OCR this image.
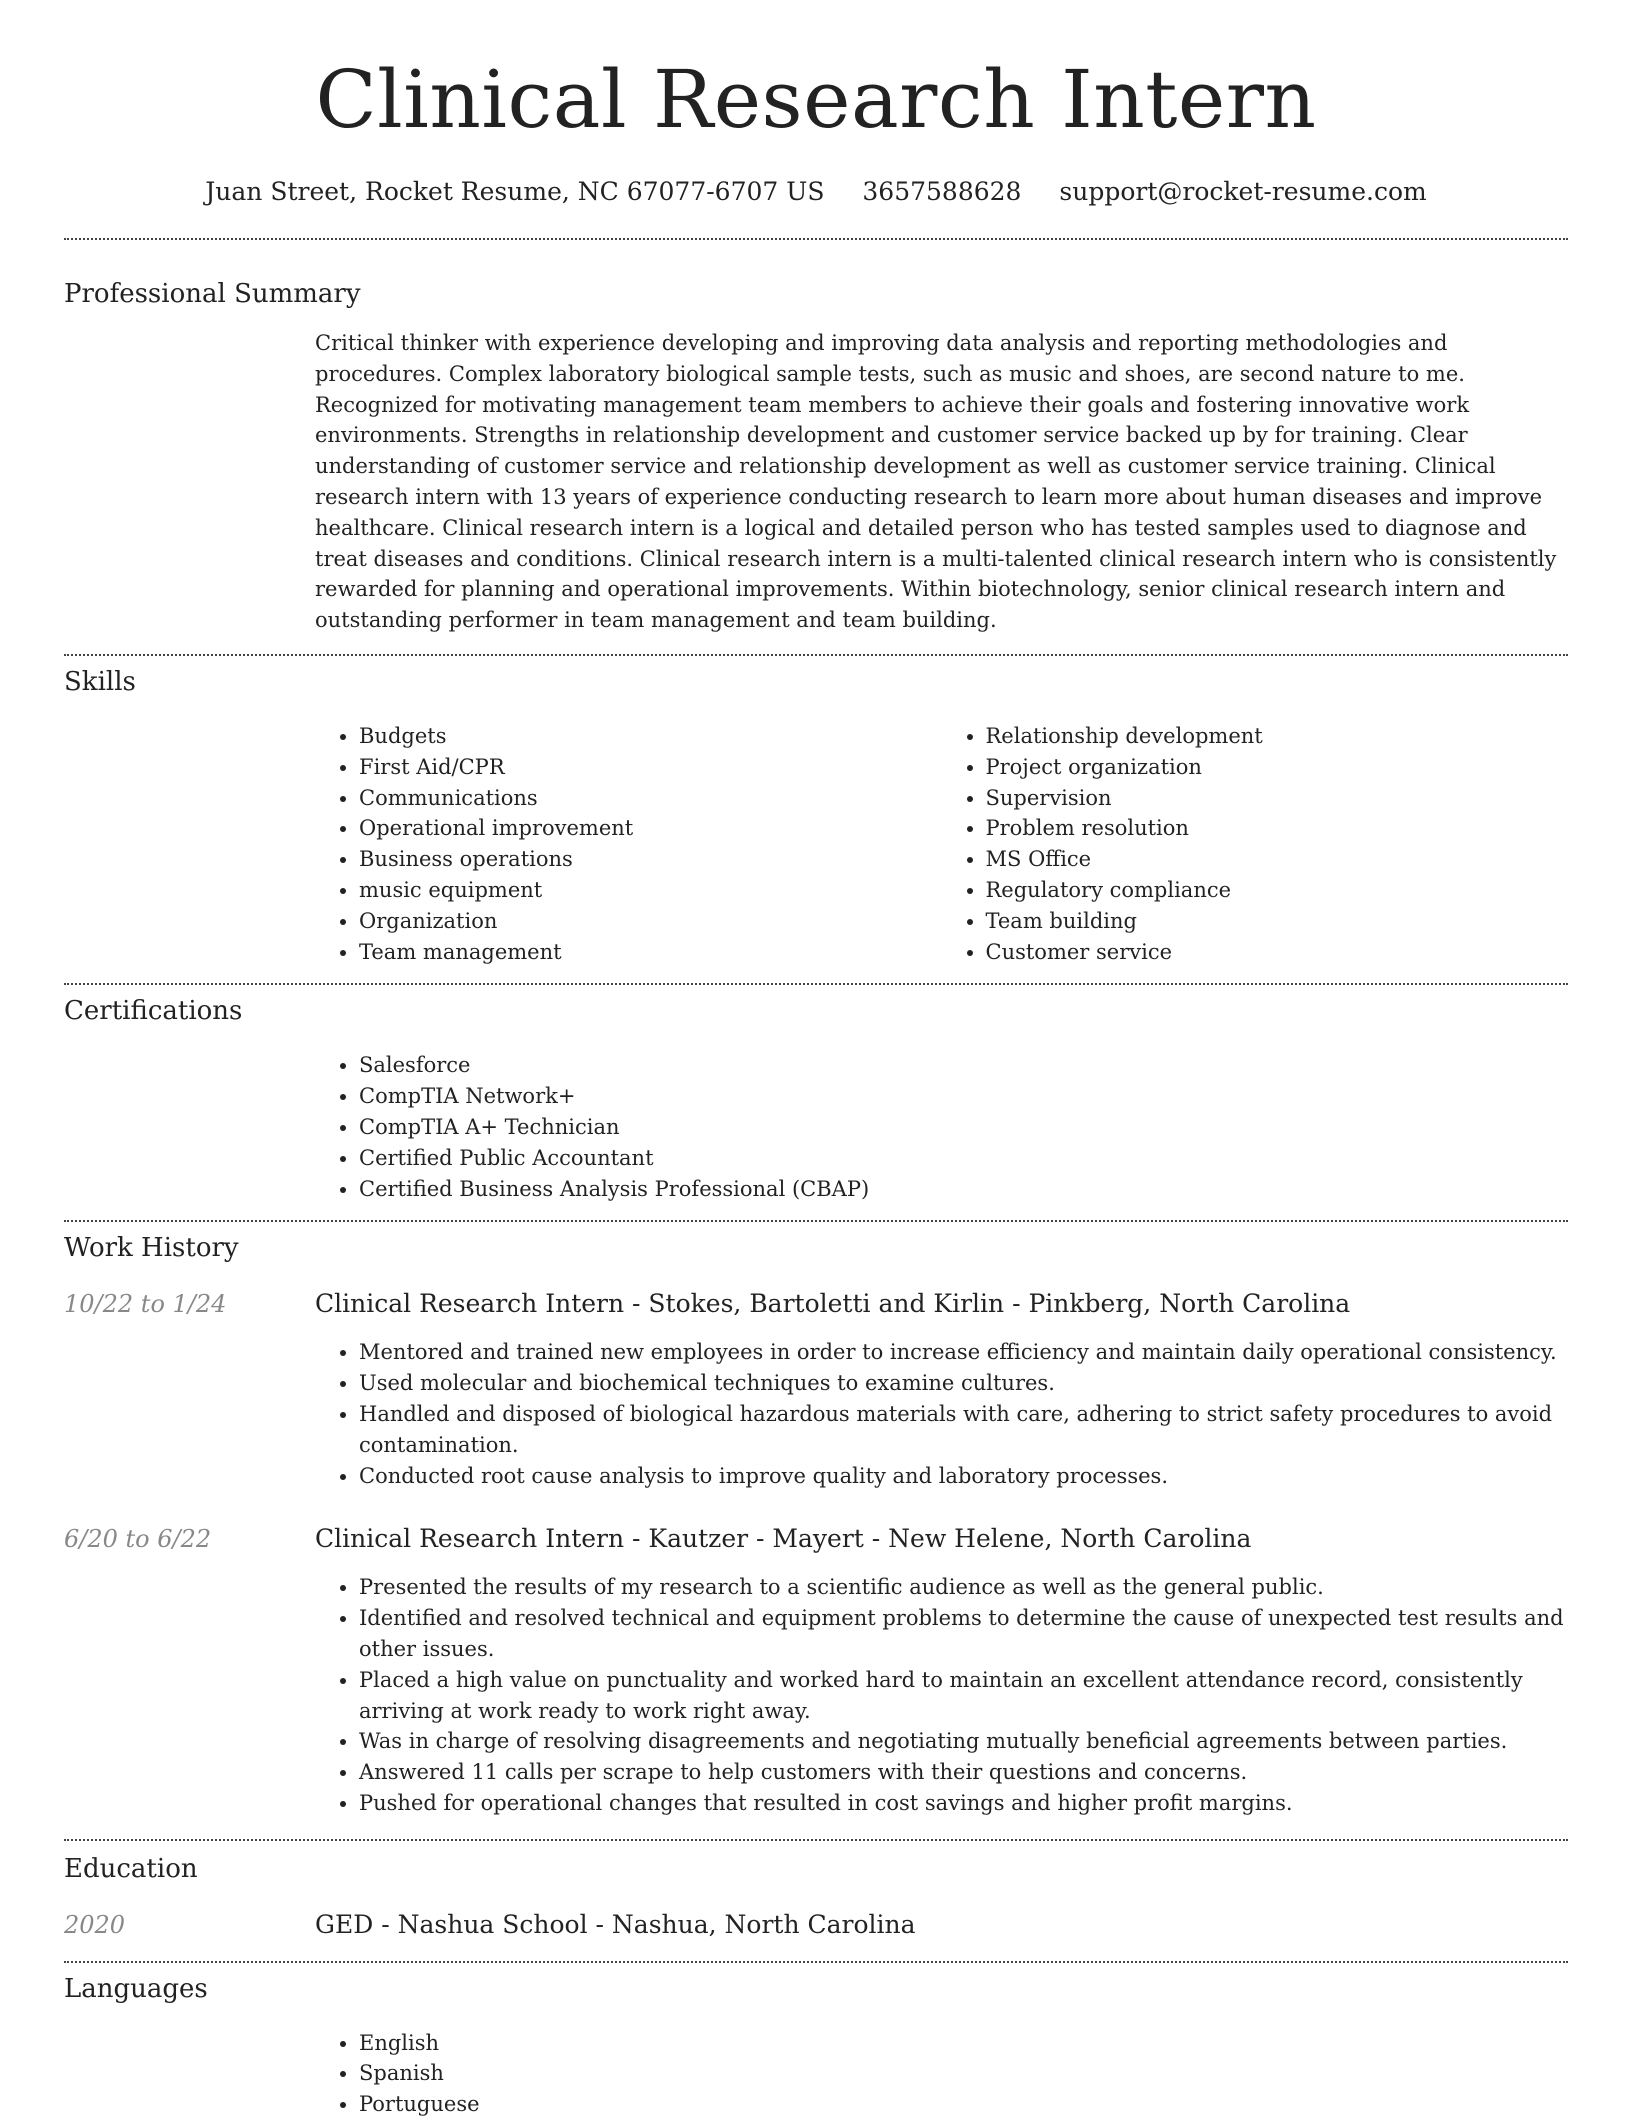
Clinical Research Intern
Juan Street, Rocket Resume, NC 67077-6707 US 3657588628 support@rocket-resume.com
Professional Summary

Critical thinker with experience developing and improving data analysis and reporting methodologies and procedures. Complex laboratory biological sample tests, such as music and shoes, are second nature to me. Recognized for motivating management team members to achieve their goals and fostering innovative work environments. Strengths in relationship development and customer service backed up by for training. Clear understanding of customer service and relationship development as well as customer service training. Clinical research intern with 13 years of experience conducting research to learn more about human diseases and improve healthcare. Clinical research intern is a logical and detailed person who has tested samples used to diagnose and treat diseases and conditions. Clinical research intern is a multi-talented clinical research intern who is consistently rewarded for planning and operational improvements. Within biotechnology, senior clinical research intern and outstanding performer in team management and team building.

Skills
• Budgets
• First Aid/CPR
• Communications
• Operational improvement
• Business operations
• music equipment
• Organization
• Team management
• Relationship development
• Project organization
• Supervision
• Problem resolution
• MS Office
• Regulatory compliance
• Team building
• Customer service
Certifications
• Salesforce
• CompTIA Network+
• CompTIA A+ Technician
• Certified Public Accountant
• Certified Business Analysis Professional (CBAP)
Work History
10/22 to 1/24	Clinical Research Intern - Stokes, Bartoletti and Kirlin - Pinkberg, North Carolina
• Mentored and trained new employees in order to increase efficiency and maintain daily operational consistency.
• Used molecular and biochemical techniques to examine cultures.
• Handled and disposed of biological hazardous materials with care, adhering to strict safety procedures to avoid contamination.
• Conducted root cause analysis to improve quality and laboratory processes.
6/20 to 6/22	Clinical Research Intern - Kautzer - Mayert - New Helene, North Carolina
• Presented the results of my research to a scientific audience as well as the general public.
• Identified and resolved technical and equipment problems to determine the cause of unexpected test results and other issues.
• Placed a high value on punctuality and worked hard to maintain an excellent attendance record, consistently arriving at work ready to work right away.
• Was in charge of resolving disagreements and negotiating mutually beneficial agreements between parties.
• Answered 11 calls per scrape to help customers with their questions and concerns.
• Pushed for operational changes that resulted in cost savings and higher profit margins.
Education
2020	GED - Nashua School - Nashua, North Carolina
Languages
• English
• Spanish
• Portuguese
